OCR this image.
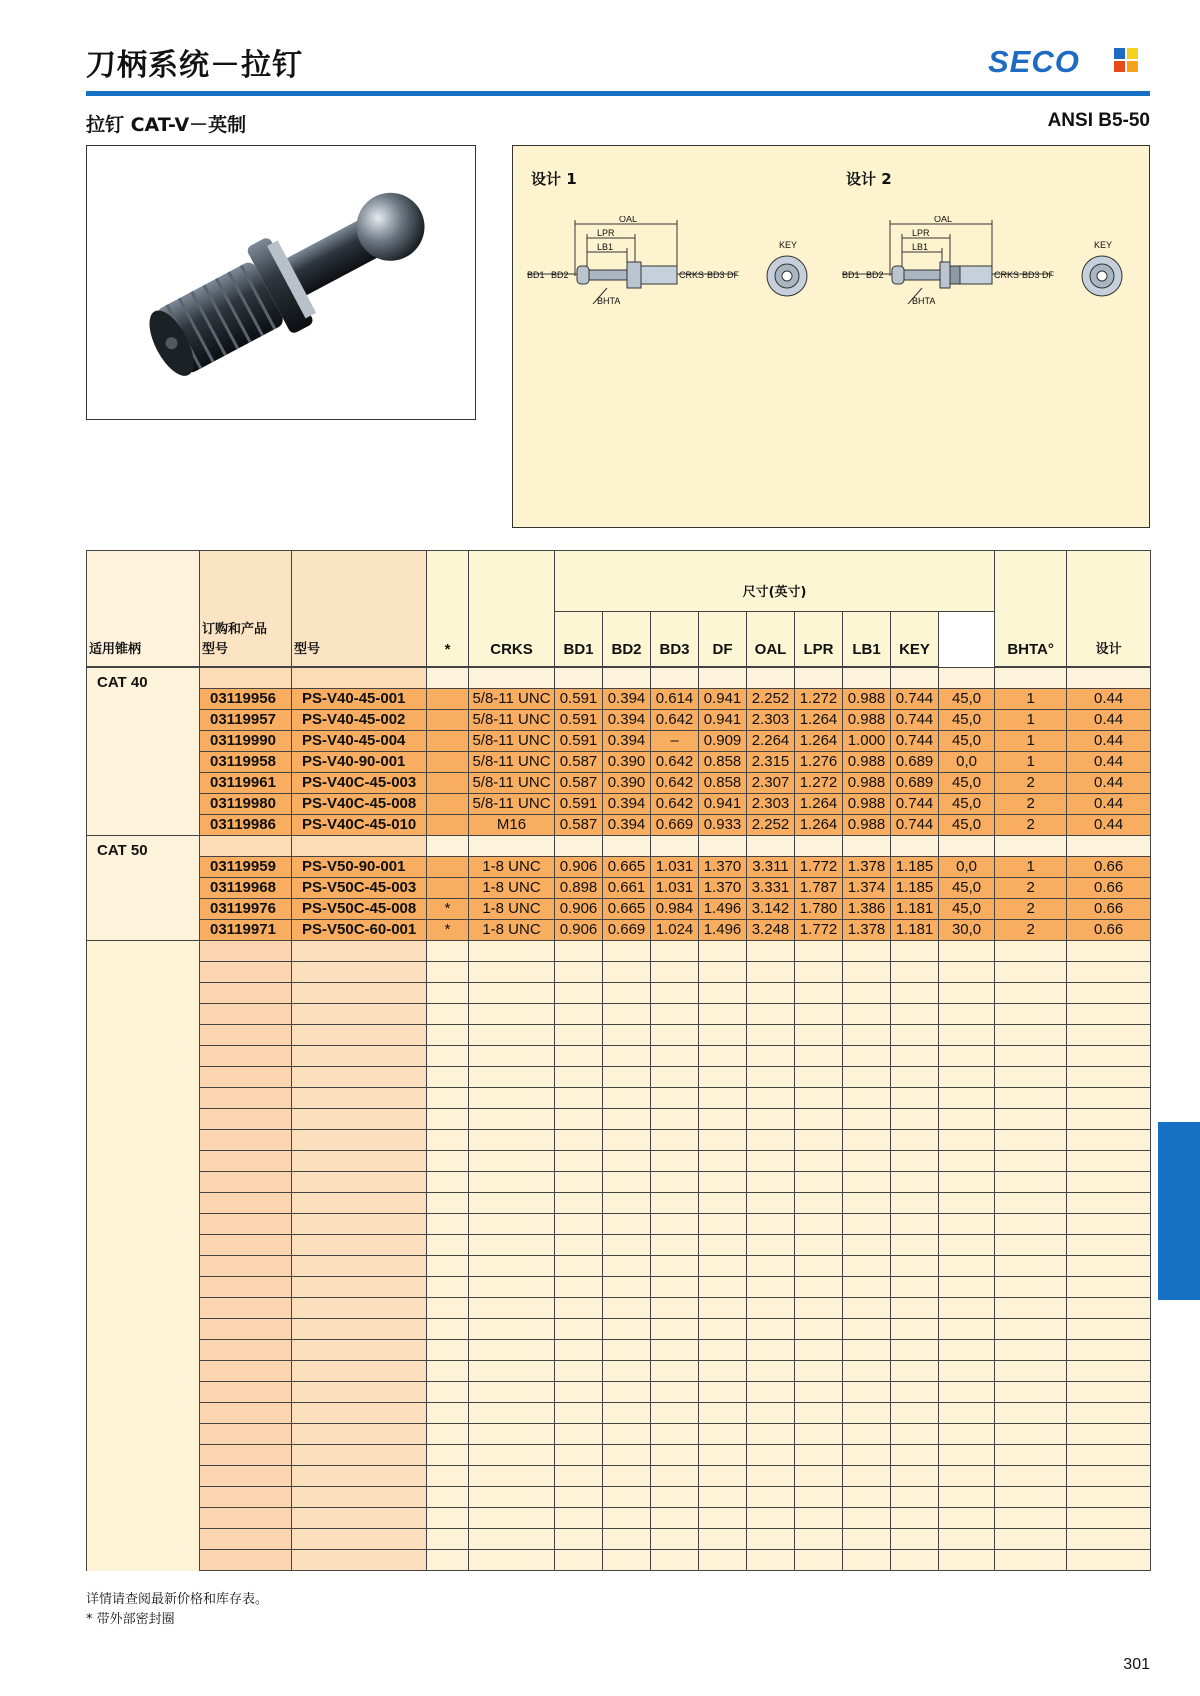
刀柄系统－拉钉	SECO
拉钉 CAT-V－英制	ANSI B5-50
设计 1	设计 2
OAL
LPR
LB1
BD1 BD2	CRKS BD3 DF
BHTA
KEY
OAL
LPR
LB1
BD1 BD2	CRKS BD3 DF
BHTA
KEY
适用锥柄	订购和产品
型号	型号	*	CRKS	尺寸(英寸)									BHTA°	设计	

					BD1	BD2	BD3	DF	OAL	LPR	LB1	KEY				
CAT 40																
	03119956	PS-V40-45-001		5/8-11 UNC	0.591	0.394	0.614	0.941	2.252	1.272	0.988	0.744	45,0	1	0.44	
	03119957	PS-V40-45-002		5/8-11 UNC	0.591	0.394	0.642	0.941	2.303	1.264	0.988	0.744	45,0	1	0.44	
	03119990	PS-V40-45-004		5/8-11 UNC	0.591	0.394	–	0.909	2.264	1.264	1.000	0.744	45,0	1	0.44	
	03119958	PS-V40-90-001		5/8-11 UNC	0.587	0.390	0.642	0.858	2.315	1.276	0.988	0.689	0,0	1	0.44	
	03119961	PS-V40C-45-003		5/8-11 UNC	0.587	0.390	0.642	0.858	2.307	1.272	0.988	0.689	45,0	2	0.44	
	03119980	PS-V40C-45-008		5/8-11 UNC	0.591	0.394	0.642	0.941	2.303	1.264	0.988	0.744	45,0	2	0.44	
	03119986	PS-V40C-45-010		M16	0.587	0.394	0.669	0.933	2.252	1.264	0.988	0.744	45,0	2	0.44	
CAT 50																
	03119959	PS-V50-90-001		1-8 UNC	0.906	0.665	1.031	1.370	3.311	1.772	1.378	1.185	0,0	1	0.66	
	03119968	PS-V50C-45-003		1-8 UNC	0.898	0.661	1.031	1.370	3.331	1.787	1.374	1.185	45,0	2	0.66	
	03119976	PS-V50C-45-008	*	1-8 UNC	0.906	0.665	0.984	1.496	3.142	1.780	1.386	1.181	45,0	2	0.66	
	03119971	PS-V50C-60-001	*	1-8 UNC	0.906	0.669	1.024	1.496	3.248	1.772	1.378	1.181	30,0	2	0.66	

详情请查阅最新价格和库存表。
* 带外部密封圈
301
